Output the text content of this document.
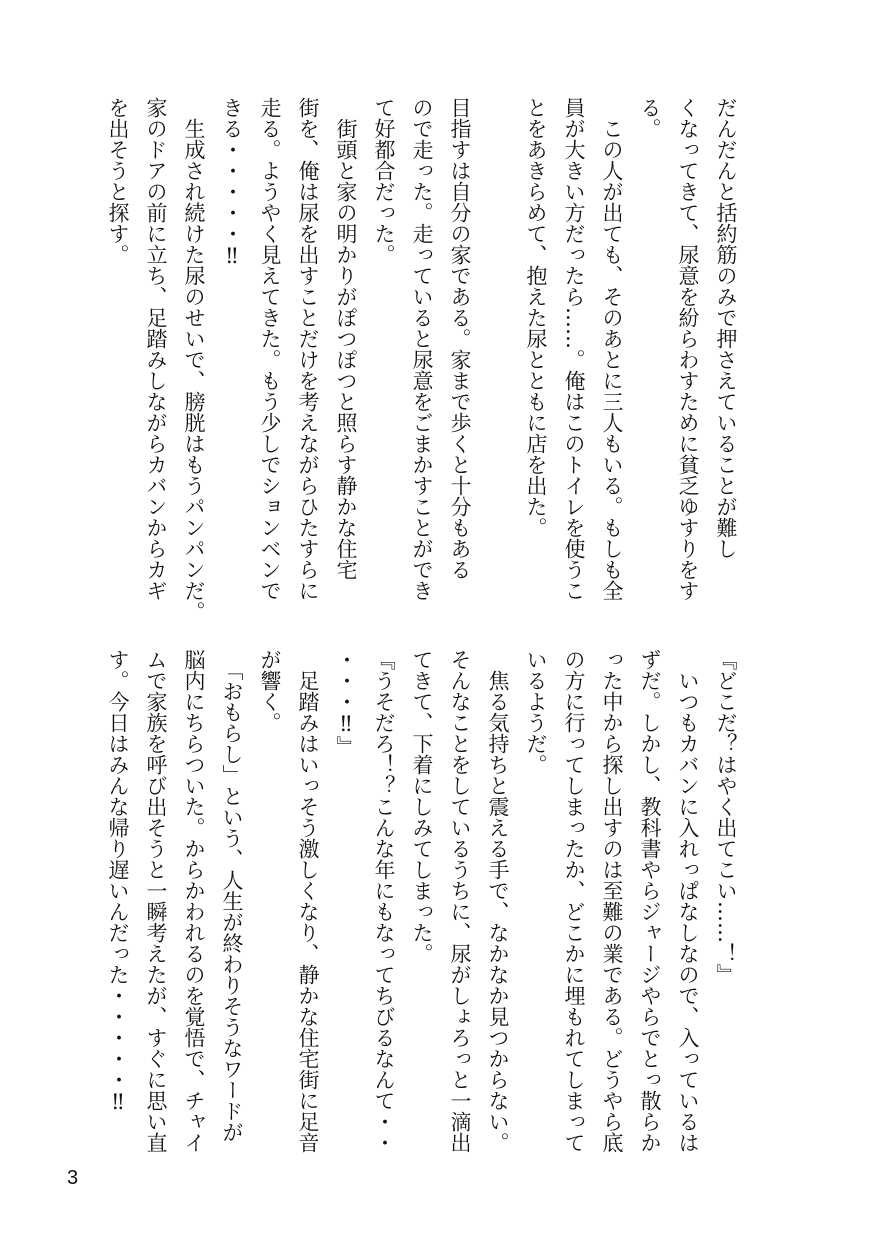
だんだんと括約筋のみで押さえていることが難し

くなってきて、尿意を紛らわすために貧乏ゆすりをす

る。

　この人が出ても、そのあとに三人もいる。もしも全

員が大きい方だったら……。俺はこのトイレを使うこ

とをあきらめて、抱えた尿とともに店を出た。

目指すは自分の家である。家まで歩くと十分もある

ので走った。走っていると尿意をごまかすことができ

て好都合だった。

　街頭と家の明かりがぽつぽつと照らす静かな住宅

街を、俺は尿を出すことだけを考えながらひたすらに

走る。ようやく見えてきた。もう少しでションベンで

きる・・・・・‼

　生成され続けた尿のせいで、膀胱はもうパンパンだ。

家のドアの前に立ち、足踏みしながらカバンからカギ

を出そうと探す。

『どこだ？はやく出てこい……！』

　いつもカバンに入れっぱなしなので、入っているは

ずだ。しかし、教科書やらジャージやらでとっ散らか

った中から探し出すのは至難の業である。どうやら底

の方に行ってしまったか、どこかに埋もれてしまって

いるようだ。

　焦る気持ちと震える手で、なかなか見つからない。

そんなことをしているうちに、尿がしょろっと一滴出

てきて、下着にしみてしまった。

『うそだろ！？こんな年にもなってちびるなんて・・

・・・‼』

　足踏みはいっそう激しくなり、静かな住宅街に足音

が響く。

　「おもらし」という、人生が終わりそうなワードが

脳内にちらついた。からかわれるのを覚悟で、チャイ

ムで家族を呼び出そうと一瞬考えたが、すぐに思い直

す。今日はみんな帰り遅いんだった・・・・・‼

3
